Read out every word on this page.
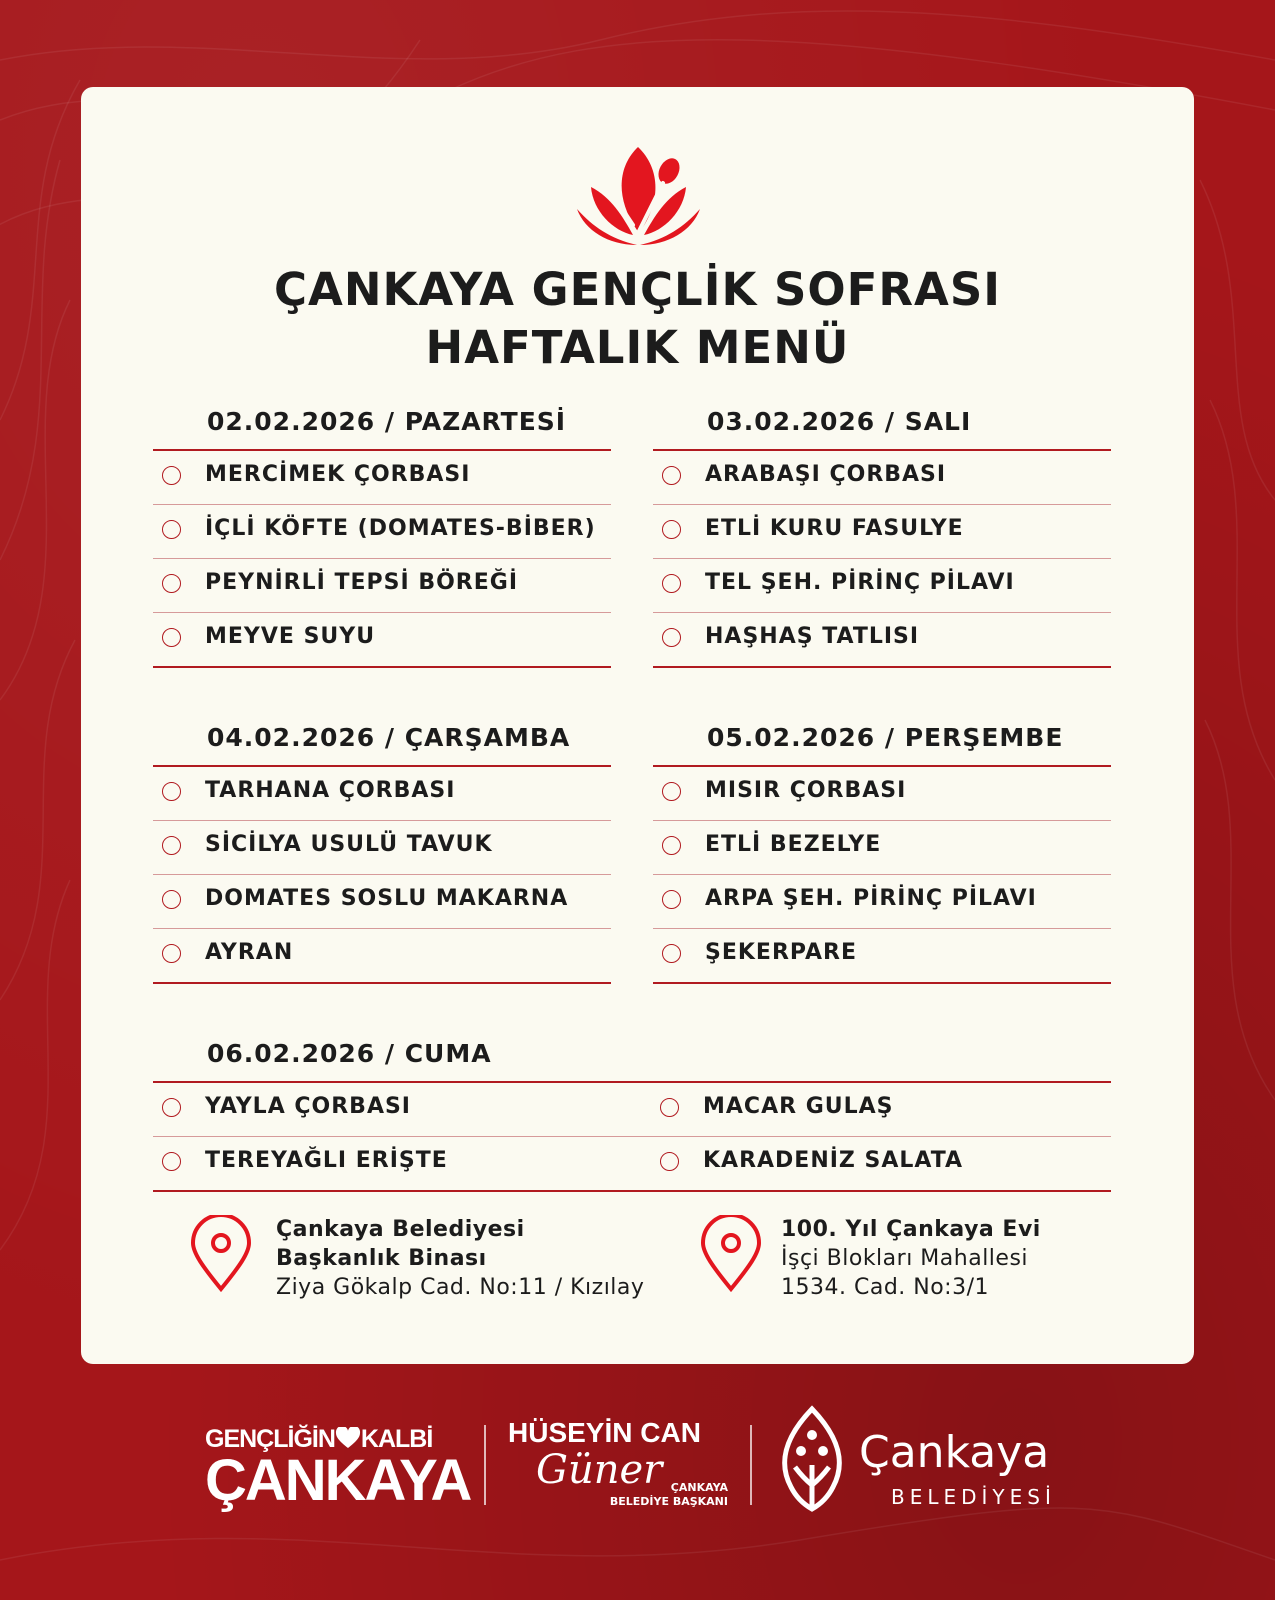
ÇANKAYA GENÇLİK SOFRASI
HAFTALIK MENÜ
02.02.2026 / PAZARTESİ
MERCİMEK ÇORBASI
İÇLİ KÖFTE (DOMATES-BİBER)
PEYNİRLİ TEPSİ BÖREĞİ
MEYVE SUYU
03.02.2026 / SALI
ARABAŞI ÇORBASI
ETLİ KURU FASULYE
TEL ŞEH. PİRİNÇ PİLAVI
HAŞHAŞ TATLISI
04.02.2026 / ÇARŞAMBA
TARHANA ÇORBASI
SİCİLYA USULÜ TAVUK
DOMATES SOSLU MAKARNA
AYRAN
05.02.2026 / PERŞEMBE
MISIR ÇORBASI
ETLİ BEZELYE
ARPA ŞEH. PİRİNÇ PİLAVI
ŞEKERPARE
06.02.2026 / CUMA
YAYLA ÇORBASI	MACAR GULAŞ
TEREYAĞLI ERİŞTE	KARADENİZ SALATA
Çankaya Belediyesi
Başkanlık Binası
Ziya Gökalp Cad. No:11 / Kızılay
100. Yıl Çankaya Evi
İşçi Blokları Mahallesi
1534. Cad. No:3/1
GENÇLİĞİN KALBİ
ÇANKAYA
HÜSEYİN CAN
Güner ÇANKAYA
BELEDİYE BAŞKANI
Çankaya
BELEDİYESİ
